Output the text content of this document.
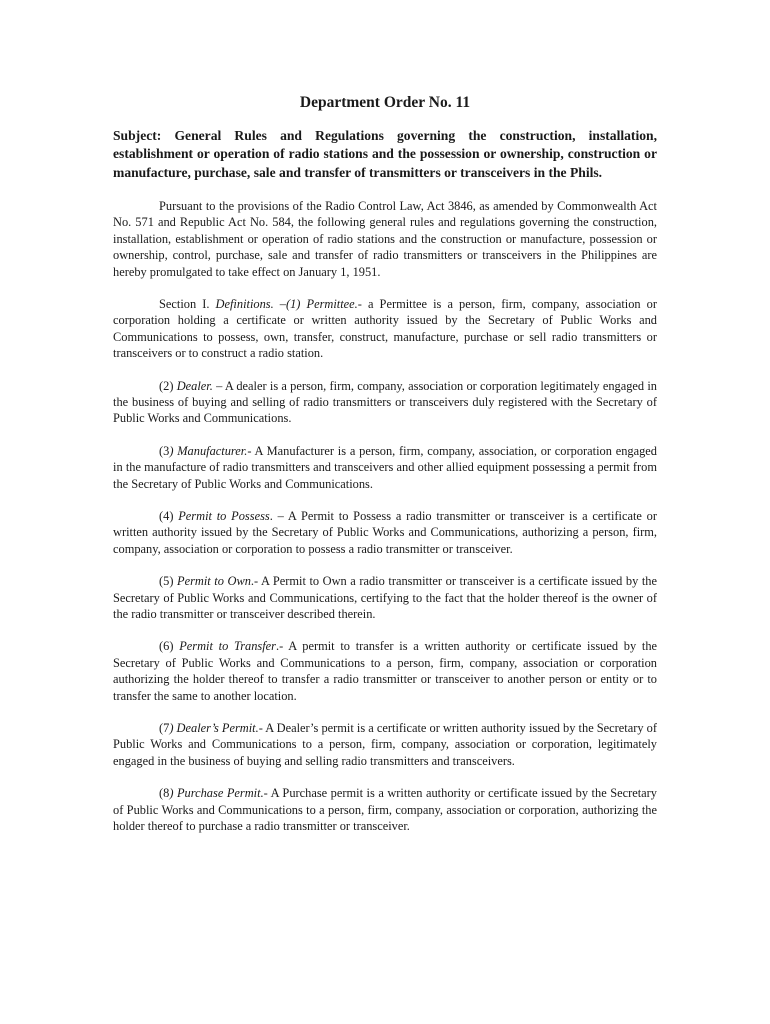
Department Order No. 11
Subject: General Rules and Regulations governing the construction, installation, establishment or operation of radio stations and the possession or ownership, construction or manufacture, purchase, sale and transfer of transmitters or transceivers in the Phils.

Pursuant to the provisions of the Radio Control Law, Act 3846, as amended by Commonwealth Act No. 571 and Republic Act No. 584, the following general rules and regulations governing the construction, installation, establishment or operation of radio stations and the construction or manufacture, possession or ownership, control, purchase, sale and transfer of radio transmitters or transceivers in the Philippines are hereby promulgated to take effect on January 1, 1951.

Section I. Definitions. –(1) Permittee.- a Permittee is a person, firm, company, association or corporation holding a certificate or written authority issued by the Secretary of Public Works and Communications to possess, own, transfer, construct, manufacture, purchase or sell radio transmitters or transceivers or to construct a radio station.

(2) Dealer. – A dealer is a person, firm, company, association or corporation legitimately engaged in the business of buying and selling of radio transmitters or transceivers duly registered with the Secretary of Public Works and Communications.

(3) Manufacturer.- A Manufacturer is a person, firm, company, association, or corporation engaged in the manufacture of radio transmitters and transceivers and other allied equipment possessing a permit from the Secretary of Public Works and Communications.

(4) Permit to Possess. – A Permit to Possess a radio transmitter or transceiver is a certificate or written authority issued by the Secretary of Public Works and Communications, authorizing a person, firm, company, association or corporation to possess a radio transmitter or transceiver.

(5) Permit to Own.- A Permit to Own a radio transmitter or transceiver is a certificate issued by the Secretary of Public Works and Communications, certifying to the fact that the holder thereof is the owner of the radio transmitter or transceiver described therein.

(6) Permit to Transfer.- A permit to transfer is a written authority or certificate issued by the Secretary of Public Works and Communications to a person, firm, company, association or corporation authorizing the holder thereof to transfer a radio transmitter or transceiver to another person or entity or to transfer the same to another location.

(7) Dealer’s Permit.- A Dealer’s permit is a certificate or written authority issued by the Secretary of Public Works and Communications to a person, firm, company, association or corporation, legitimately engaged in the business of buying and selling radio transmitters and transceivers.

(8) Purchase Permit.- A Purchase permit is a written authority or certificate issued by the Secretary of Public Works and Communications to a person, firm, company, association or corporation, authorizing the holder thereof to purchase a radio transmitter or transceiver.
